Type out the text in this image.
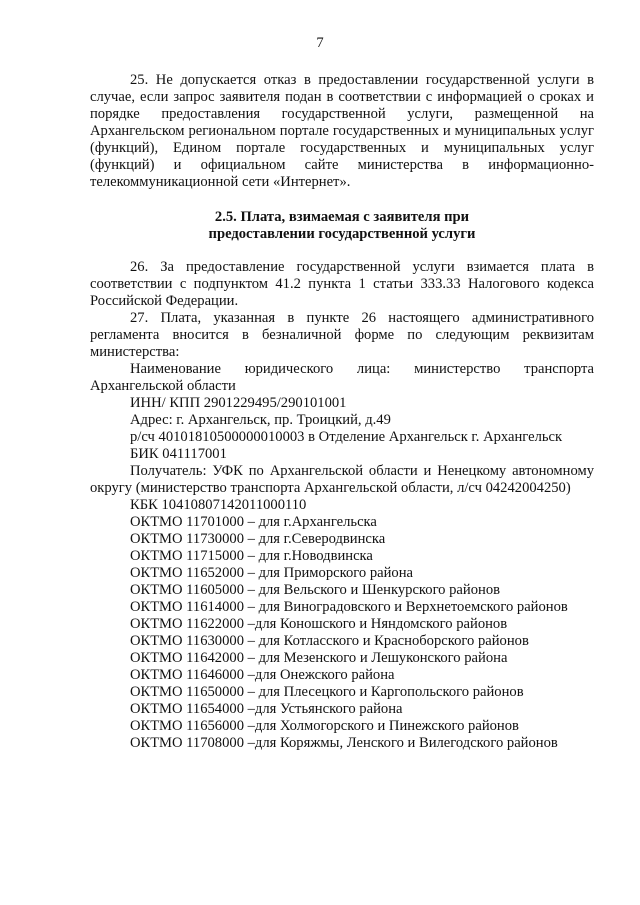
7

25. Не допускается отказ в предоставлении государственной услуги в случае, если запрос заявителя подан в соответствии с информацией о сроках и порядке предоставления государственной услуги, размещенной на Архангельском региональном портале государственных и муниципальных услуг (функций), Едином портале государственных и муниципальных услуг (функций) и официальном сайте министерства в информационно-телекоммуникационной сети «Интернет».

2.5. Плата, взимаемая с заявителя при

предоставлении государственной услуги

26. За предоставление государственной услуги взимается плата в соответствии с подпунктом 41.2 пункта 1 статьи 333.33 Налогового кодекса Российской Федерации.

27. Плата, указанная в пункте 26 настоящего административного регламента вносится в безналичной форме по следующим реквизитам министерства:

Наименование юридического лица: министерство транспорта Архангельской области

ИНН/ КПП 2901229495/290101001

Адрес: г. Архангельск, пр. Троицкий, д.49

р/сч 40101810500000010003 в Отделение Архангельск г. Архангельск

БИК 041117001

Получатель: УФК по Архангельской области и Ненецкому автономному округу (министерство транспорта Архангельской области, л/сч 04242004250)

КБК 10410807142011000110

ОКТМО 11701000 – для г.Архангельска
ОКТМО 11730000 – для г.Северодвинска
ОКТМО 11715000 – для г.Новодвинска
ОКТМО 11652000 – для Приморского района
ОКТМО 11605000 – для Вельского и Шенкурского районов
ОКТМО 11614000 – для Виноградовского и Верхнетоемского районов
ОКТМО 11622000 –для Коношского и Няндомского районов
ОКТМО 11630000 – для Котласского и Красноборского районов
ОКТМО 11642000 – для Мезенского и Лешуконского района
ОКТМО 11646000 –для Онежского района
ОКТМО 11650000 – для Плесецкого и Каргопольского районов
ОКТМО 11654000 –для Устьянского района
ОКТМО 11656000 –для Холмогорского и Пинежского районов
ОКТМО 11708000 –для Коряжмы, Ленского и Вилегодского районов
